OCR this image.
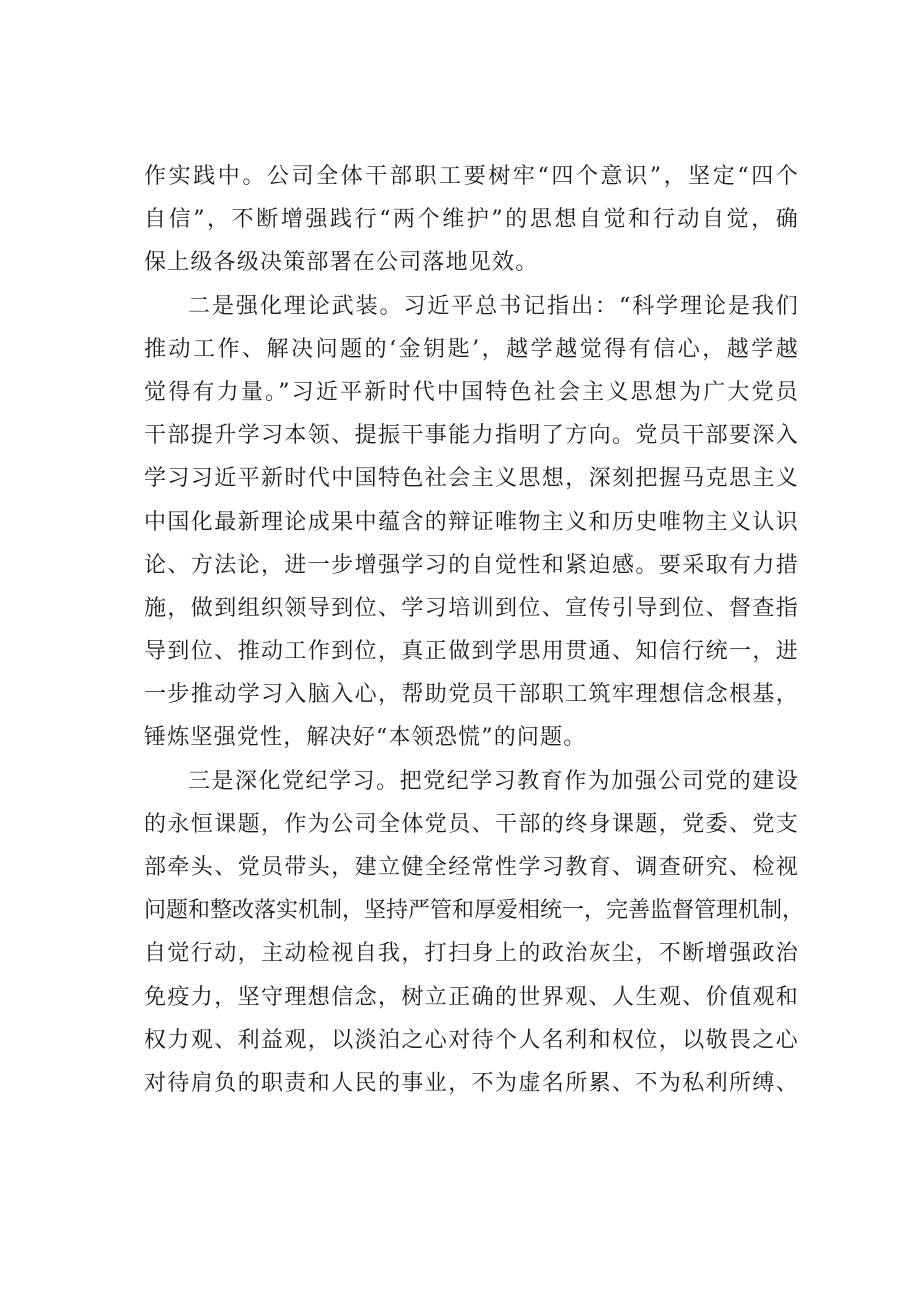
作实践中。公司全体干部职工要树牢“四个意识”，坚定“四个
自信”，不断增强践行“两个维护”的思想自觉和行动自觉，确
保上级各级决策部署在公司落地见效。
二是强化理论武装。习近平总书记指出：“科学理论是我们
推动工作、解决问题的‘金钥匙’，越学越觉得有信心，越学越
觉得有力量。”习近平新时代中国特色社会主义思想为广大党员
干部提升学习本领、提振干事能力指明了方向。党员干部要深入
学习习近平新时代中国特色社会主义思想，深刻把握马克思主义
中国化最新理论成果中蕴含的辩证唯物主义和历史唯物主义认识
论、方法论，进一步增强学习的自觉性和紧迫感。要采取有力措
施，做到组织领导到位、学习培训到位、宣传引导到位、督查指
导到位、推动工作到位，真正做到学思用贯通、知信行统一，进
一步推动学习入脑入心，帮助党员干部职工筑牢理想信念根基，
锤炼坚强党性，解决好“本领恐慌”的问题。
三是深化党纪学习。把党纪学习教育作为加强公司党的建设
的永恒课题，作为公司全体党员、干部的终身课题，党委、党支
部牵头、党员带头，建立健全经常性学习教育、调查研究、检视
问题和整改落实机制，坚持严管和厚爱相统一，完善监督管理机制，
自觉行动，主动检视自我，打扫身上的政治灰尘，不断增强政治
免疫力，坚守理想信念，树立正确的世界观、人生观、价值观和
权力观、利益观，以淡泊之心对待个人名利和权位，以敬畏之心
对待肩负的职责和人民的事业，不为虚名所累、不为私利所缚、
